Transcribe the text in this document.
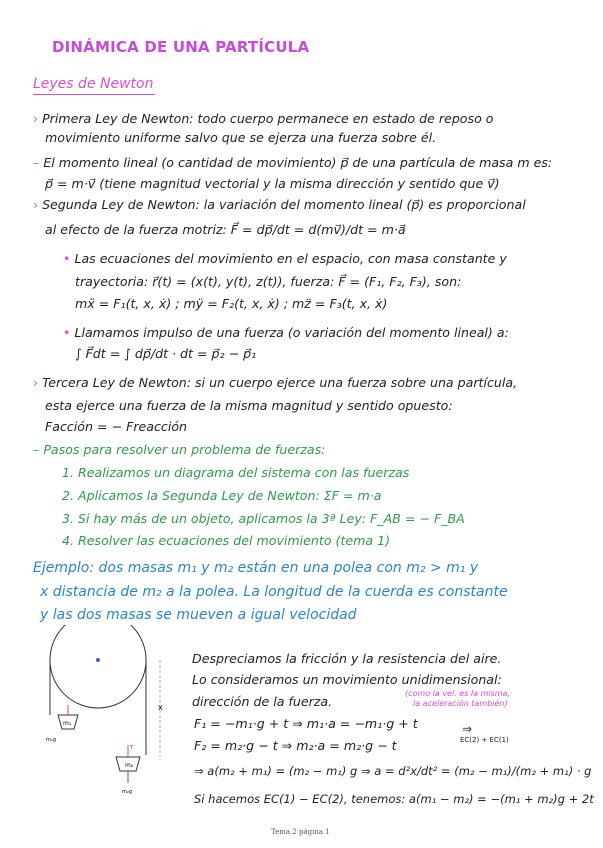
DINÁMICA DE UNA PARTÍCULA
Leyes de Newton
› Primera Ley de Newton: todo cuerpo permanece en estado de reposo o
movimiento uniforme salvo que se ejerza una fuerza sobre él.
– El momento lineal (o cantidad de movimiento) p⃗ de una partícula de masa m es:
p⃗ = m·v⃗ (tiene magnitud vectorial y la misma dirección y sentido que v⃗)
› Segunda Ley de Newton: la variación del momento lineal (p⃗) es proporcional
al efecto de la fuerza motriz: F⃗ = dp⃗/dt = d(mv⃗)/dt = m·a⃗
• Las ecuaciones del movimiento en el espacio, con masa constante y
trayectoria: r⃗(t) = (x(t), y(t), z(t)), fuerza: F⃗ = (F₁, F₂, F₃), son:
mẍ = F₁(t, x, ẋ) ; mÿ = F₂(t, x, ẋ) ; mz̈ = F₃(t, x, ẋ)
• Llamamos impulso de una fuerza (o variación del momento lineal) a:
∫ F⃗dt = ∫ dp⃗/dt · dt = p⃗₂ − p⃗₁
› Tercera Ley de Newton: si un cuerpo ejerce una fuerza sobre una partícula,
esta ejerce una fuerza de la misma magnitud y sentido opuesto:
Facción = − Freacción
– Pasos para resolver un problema de fuerzas:
1. Realizamos un diagrama del sistema con las fuerzas
2. Aplicamos la Segunda Ley de Newton: ΣF = m·a
3. Si hay más de un objeto, aplicamos la 3ª Ley: F_AB = − F_BA
4. Resolver las ecuaciones del movimiento (tema 1)
Ejemplo: dos masas m₁ y m₂ están en una polea con m₂ > m₁ y
x distancia de m₂ a la polea. La longitud de la cuerda es constante
y las dos masas se mueven a igual velocidad
x
m₁
m₁g
m₂
T
m₂g
Despreciamos la fricción y la resistencia del aire.
Lo consideramos un movimiento unidimensional:
dirección de la fuerza.
(como la vel. es la misma,
la aceleración también)
F₁ = −m₁·g + t ⇒ m₁·a = −m₁·g + t
F₂ = m₂·g − t ⇒ m₂·a = m₂·g − t
⇒
EC(2) + EC(1)
⇒ a(m₂ + m₁) = (m₂ − m₁) g ⇒ a = d²x/dt² = (m₂ − m₁)/(m₂ + m₁) · g
Si hacemos EC(1) − EC(2), tenemos: a(m₁ − m₂) = −(m₁ + m₂)g + 2t
Tema 2 página 1
